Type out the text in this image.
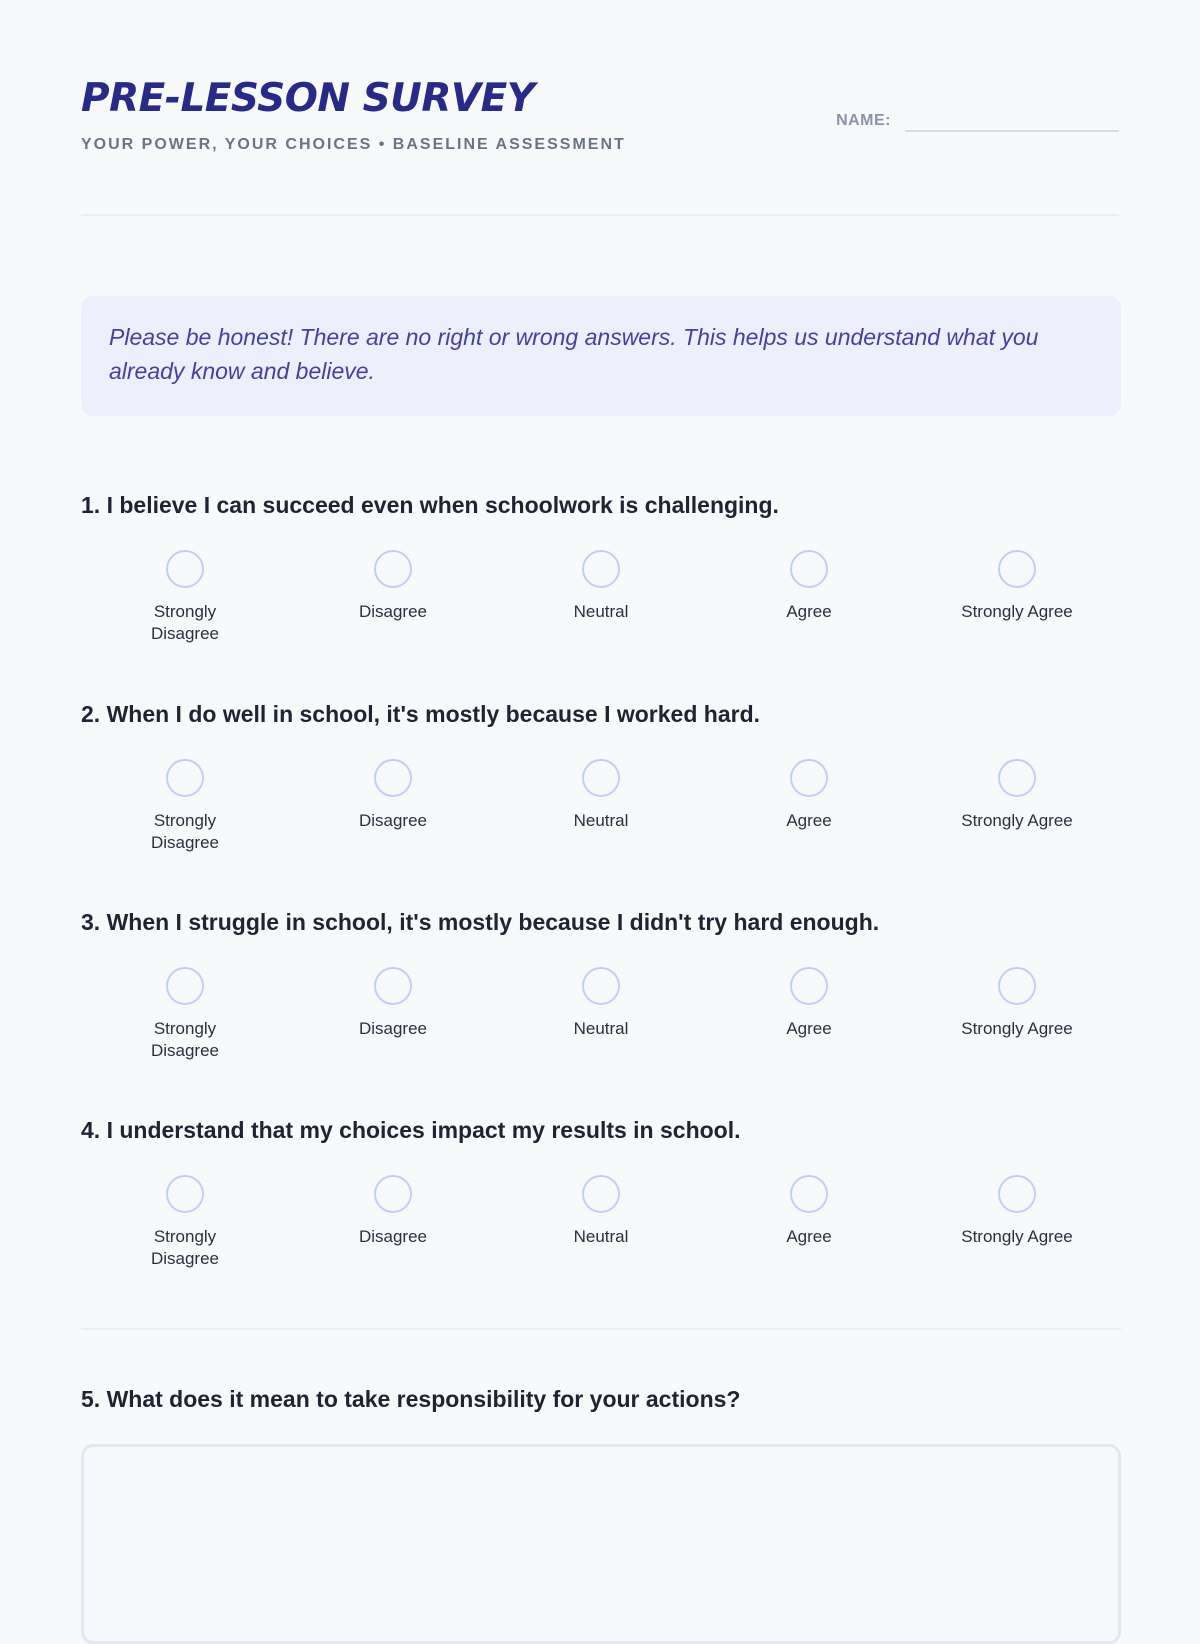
PRE-LESSON SURVEY

YOUR POWER, YOUR CHOICES • BASELINE ASSESSMENT

NAME:
Please be honest! There are no right or wrong answers. This helps us understand what you already know and believe.

1. I believe I can succeed even when schoolwork is challenging.

Strongly Disagree
Disagree	Neutral	Agree	Strongly Agree

2. When I do well in school, it's mostly because I worked hard.

Strongly Disagree
Disagree	Neutral	Agree	Strongly Agree

3. When I struggle in school, it's mostly because I didn't try hard enough.

Strongly Disagree
Disagree	Neutral	Agree	Strongly Agree

4. I understand that my choices impact my results in school.

Strongly Disagree
Disagree	Neutral	Agree	Strongly Agree

5. What does it mean to take responsibility for your actions?
